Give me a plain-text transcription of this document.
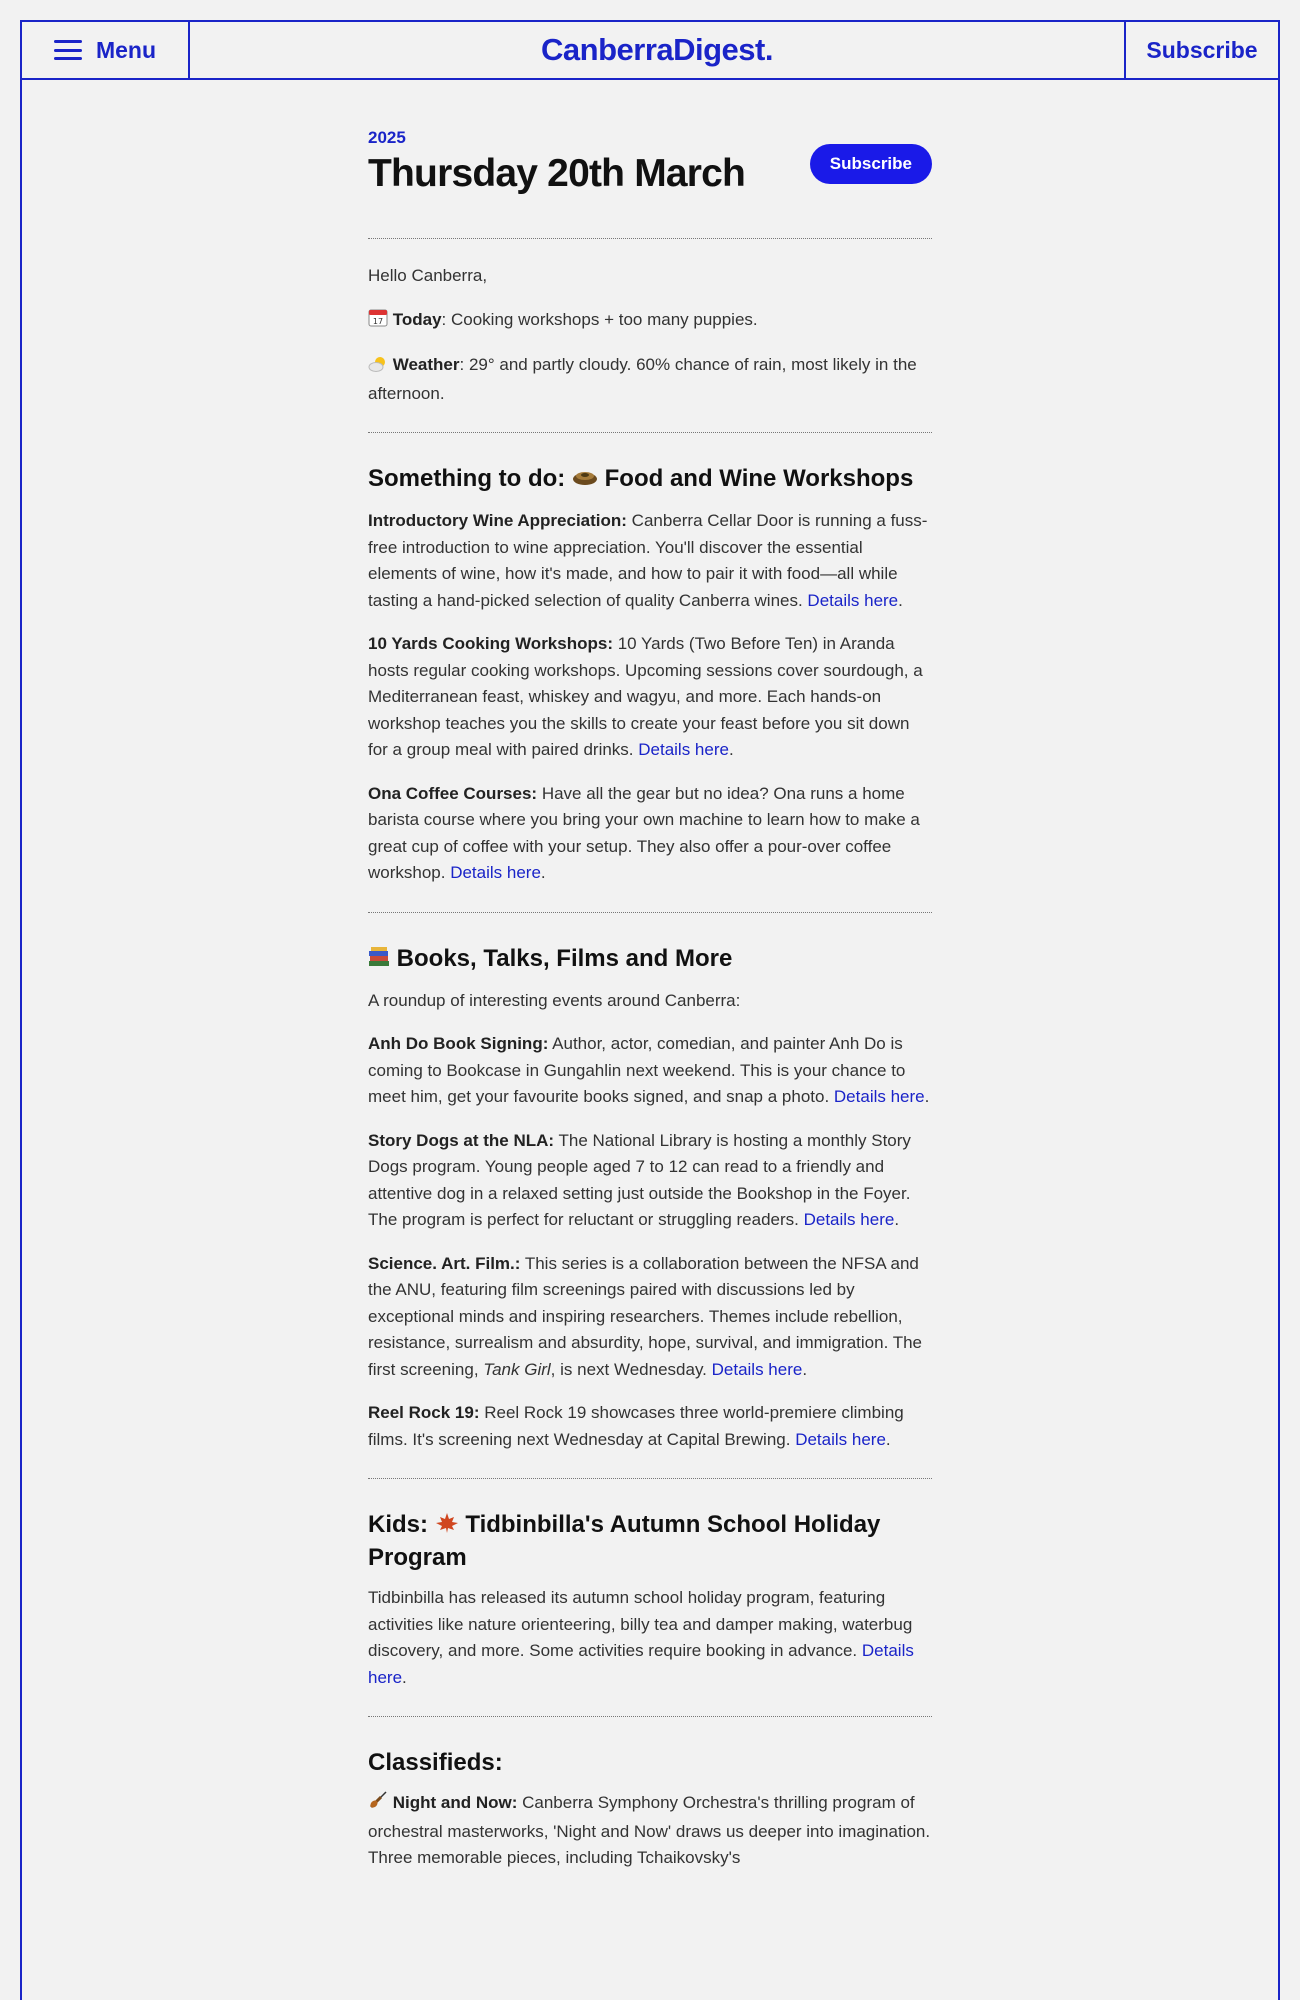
Menu	CanberraDigest.	Subscribe
2025
Thursday 20th March	Subscribe

Hello Canberra,

17 Today: Cooking workshops + too many puppies.

Weather: 29° and partly cloudy. 60% chance of rain, most likely in the afternoon.

Something to do:  Food and Wine Workshops

Introductory Wine Appreciation: Canberra Cellar Door is running a fuss-free introduction to wine appreciation. You'll discover the essential elements of wine, how it's made, and how to pair it with food—all while tasting a hand-picked selection of quality Canberra wines. Details here.

10 Yards Cooking Workshops: 10 Yards (Two Before Ten) in Aranda hosts regular cooking workshops. Upcoming sessions cover sourdough, a Mediterranean feast, whiskey and wagyu, and more. Each hands-on workshop teaches you the skills to create your feast before you sit down for a group meal with paired drinks. Details here.

Ona Coffee Courses: Have all the gear but no idea? Ona runs a home barista course where you bring your own machine to learn how to make a great cup of coffee with your setup. They also offer a pour-over coffee workshop. Details here.

Books, Talks, Films and More

A roundup of interesting events around Canberra:

Anh Do Book Signing: Author, actor, comedian, and painter Anh Do is coming to Bookcase in Gungahlin next weekend. This is your chance to meet him, get your favourite books signed, and snap a photo. Details here.

Story Dogs at the NLA: The National Library is hosting a monthly Story Dogs program. Young people aged 7 to 12 can read to a friendly and attentive dog in a relaxed setting just outside the Bookshop in the Foyer. The program is perfect for reluctant or struggling readers. Details here.

Science. Art. Film.: This series is a collaboration between the NFSA and the ANU, featuring film screenings paired with discussions led by exceptional minds and inspiring researchers. Themes include rebellion, resistance, surrealism and absurdity, hope, survival, and immigration. The first screening, Tank Girl, is next Wednesday. Details here.

Reel Rock 19: Reel Rock 19 showcases three world-premiere climbing films. It's screening next Wednesday at Capital Brewing. Details here.

Kids:  Tidbinbilla's Autumn School Holiday Program

Tidbinbilla has released its autumn school holiday program, featuring activities like nature orienteering, billy tea and damper making, waterbug discovery, and more. Some activities require booking in advance. Details here.

Classifieds:

Night and Now: Canberra Symphony Orchestra's thrilling program of orchestral masterworks, 'Night and Now' draws us deeper into imagination. Three memorable pieces, including Tchaikovsky's
